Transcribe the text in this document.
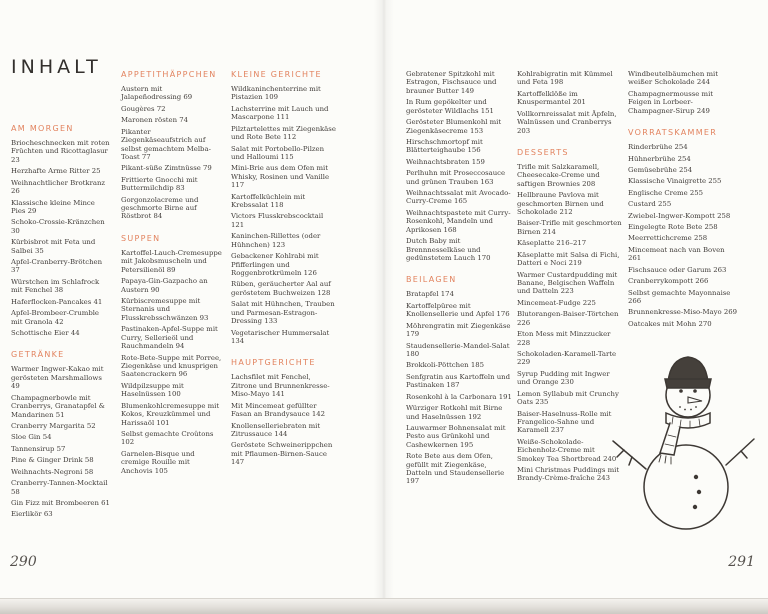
INHALT
AM MORGEN
Briocheschnecken mit roten Früchten und Ricottaglasur 23
Herzhafte Arme Ritter 25
Weihnachtlicher Brotkranz 26
Klassische kleine Mince Pies 29
Schoko-Crossie-Kränzchen 30
Kürbisbrot mit Feta und Salbei 35
Apfel-Cranberry-Brötchen 37
Würstchen im Schlafrock mit Fenchel 38
Haferflocken-Pancakes 41
Apfel-Brombeer-Crumble mit Granola 42
Schottische Eier 44
GETRÄNKE
Warmer Ingwer-Kakao mit gerösteten Marshmallows 49
Champagnerbowle mit Cranberrys, Granatapfel & Mandarinen 51
Cranberry Margarita 52
Sloe Gin 54
Tannensirup 57
Pine & Ginger Drink 58
Weihnachts-Negroni 58
Cranberry-Tannen-Mocktail 58
Gin Fizz mit Brombeeren 61
Eierlikör 63
APPETITHÄPPCHEN
Austern mit Jalapeñodressing 69
Gougères 72
Maronen rösten 74
Pikanter Ziegenkäseaufstrich auf selbst gemachtem Melba-Toast 77
Pikant-süße Zimtnüsse 79
Frittierte Gnocchi mit Buttermilchdip 83
Gorgonzolacreme und geschmorte Birne auf Röstbrot 84
SUPPEN
Kartoffel-Lauch-Cremesuppe mit Jakobsmuscheln und Petersilienöl 89
Papaya-Gin-Gazpacho an Austern 90
Kürbiscremesuppe mit Sternanis und Flusskrebsschwänzen 93
Pastinaken-Apfel-Suppe mit Curry, Sellerieöl und Rauchmandeln 94
Rote-Bete-Suppe mit Porree, Ziegenkäse und knusprigen Saatencrackern 96
Wildpilzsuppe mit Haselnüssen 100
Blumenkohlcremesuppe mit Kokos, Kreuzkümmel und Harissaöl 101
Selbst gemachte Croûtons 102
Garnelen-Bisque und cremige Rouille mit Anchovis 105
KLEINE GERICHTE
Wildkaninchenterrine mit Pistazien 109
Lachsterrine mit Lauch und Mascarpone 111
Pilztartelettes mit Ziegenkäse und Rote Bete 112
Salat mit Portobello-Pilzen und Halloumi 115
Mini-Brie aus dem Ofen mit Whisky, Rosinen und Vanille 117
Kartoffelküchlein mit Krebssalat 118
Victors Flusskrebscocktail 121
Kaninchen-Rillettes (oder Hühnchen) 123
Gebackener Kohlrabi mit Pfifferlingen und Roggenbrotkrümeln 126
Rüben, geräucherter Aal auf geröstetem Buchweizen 128
Salat mit Hühnchen, Trauben und Parmesan-Estragon-Dressing 133
Vegetarischer Hummersalat 134
HAUPTGERICHTE
Lachsfilet mit Fenchel, Zitrone und Brunnenkresse-Miso-Mayo 141
Mit Mincemeat gefüllter Fasan an Brandysauce 142
Knollenselleriebraten mit Zitrussauce 144
Geröstete Schweinerippchen mit Pflaumen-Birnen-Sauce 147
Gebratener Spitzkohl mit Estragon, Fischsauce und brauner Butter 149
In Rum gepökelter und gerösteter Wildlachs 151
Gerösteter Blumenkohl mit Ziegenkäsecreme 153
Hirschschmortopf mit Blätterteighaube 156
Weihnachtsbraten 159
Perlhuhn mit Proseccosauce und grünen Trauben 163
Weihnachtssalat mit Avocado-Curry-Creme 165
Weihnachtspastete mit Curry-Rosenkohl, Mandeln und Aprikosen 168
Dutch Baby mit Brennnesselkäse und gedünstetem Lauch 170
BEILAGEN
Bratapfel 174
Kartoffelpüree mit Knollensellerie und Apfel 176
Möhrengratin mit Ziegenkäse 179
Staudensellerie-Mandel-Salat 180
Brokkoli-Pöttchen 185
Senfgratin aus Kartoffeln und Pastinaken 187
Rosenkohl à la Carbonara 191
Würziger Rotkohl mit Birne und Haselnüssen 192
Lauwarmer Bohnensalat mit Pesto aus Grünkohl und Cashewkernen 195
Rote Bete aus dem Ofen, gefüllt mit Ziegenkäse, Datteln und Staudensellerie 197
Kohlrabigratin mit Kümmel und Feta 198
Kartoffelklöße im Knuspermantel 201
Vollkornreissalat mit Äpfeln, Walnüssen und Cranberrys 203
DESSERTS
Trifle mit Salzkaramell, Cheesecake-Creme und saftigen Brownies 208
Hellbraune Pavlova mit geschmorten Birnen und Schokolade 212
Baiser-Trifle mit geschmorten Birnen 214
Käseplatte 216–217
Käseplatte mit Salsa di Fichi, Datteri e Noci 219
Warmer Custardpudding mit Banane, Belgischen Waffeln und Datteln 223
Mincemeat-Fudge 225
Blutorangen-Baiser-Törtchen 226
Eton Mess mit Minzzucker 228
Schokoladen-Karamell-Tarte 229
Syrup Pudding mit Ingwer und Orange 230
Lemon Syllabub mit Crunchy Oats 235
Baiser-Haselnuss-Rolle mit Frangelico-Sahne und Karamell 237
Weiße-Schokolade-Eichenholz-Creme mit Smokey Tea Shortbread 240
Mini Christmas Puddings mit Brandy-Crème-fraîche 243
Windbeutelbäumchen mit weißer Schokolade 244
Champagnermousse mit Feigen in Lorbeer-Champagner-Sirup 249
VORRATSKAMMER
Rinderbrühe 254
Hühnerbrühe 254
Gemüsebrühe 254
Klassische Vinaigrette 255
Englische Creme 255
Custard 255
Zwiebel-Ingwer-Kompott 258
Eingelegte Rote Bete 258
Meerrettichcreme 258
Mincemeat nach van Boven 261
Fischsauce oder Garum 263
Cranberrykompott 266
Selbst gemachte Mayonnaise 266
Brunnenkresse-Miso-Mayo 269
Oatcakes mit Mohn 270
290	291
